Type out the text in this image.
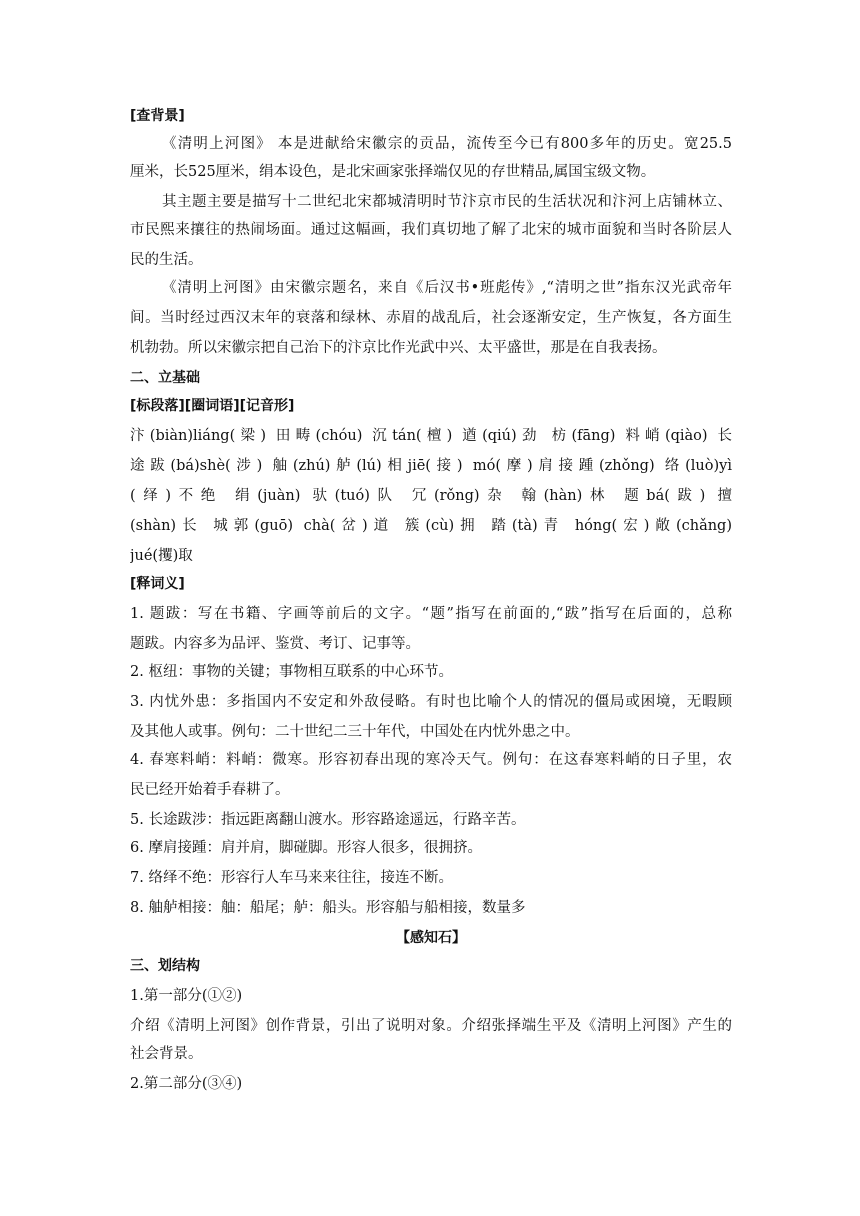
[查背景]
《清明上河图》 本是进献给宋徽宗的贡品，流传至今已有800多年的历史。宽25.5
厘米，长525厘米，绢本设色，是北宋画家张择端仅见的存世精品,属国宝级文物。
其主题主要是描写十二世纪北宋都城清明时节汴京市民的生活状况和汴河上店铺林立、
市民熙来攘往的热闹场面。通过这幅画，我们真切地了解了北宋的城市面貌和当时各阶层人
民的生活。
《清明上河图》由宋徽宗题名，来自《后汉书•班彪传》,“清明之世”指东汉光武帝年
间。当时经过西汉末年的衰落和绿林、赤眉的战乱后，社会逐渐安定，生产恢复，各方面生
机勃勃。所以宋徽宗把自己治下的汴京比作光武中兴、太平盛世，那是在自我表扬。
二、立基础
[标段落][圈词语][记音形]
汴(biàn)liáng(梁) 田畴(chóu) 沉tán(檀) 遒(qiú)劲 枋(fāng) 料峭(qiào) 长
途跋(bá)shè(涉) 舳(zhú)舻(lú)相jiē(接) mó(摩)肩接踵(zhǒng) 络(luò)yì
(绎)不绝 绢(juàn) 驮(tuó)队 冗(rǒng)杂 翰(hàn)林 题bá(跋) 擅
(shàn)长 城郭(guō) chà(岔)道 簇(cù)拥 踏(tà)青 hóng(宏)敞(chǎng)
jué(攫)取
[释词义]
1. 题跋：写在书籍、字画等前后的文字。“题”指写在前面的,“跋”指写在后面的，总称
题跋。内容多为品评、鉴赏、考订、记事等。
2. 枢纽：事物的关键；事物相互联系的中心环节。
3. 内忧外患：多指国内不安定和外敌侵略。有时也比喻个人的情况的僵局或困境，无暇顾
及其他人或事。例句：二十世纪二三十年代，中国处在内忧外患之中。
4. 春寒料峭：料峭：微寒。形容初春出现的寒冷天气。例句：在这春寒料峭的日子里，农
民已经开始着手春耕了。
5. 长途跋涉：指远距离翻山渡水。形容路途遥远，行路辛苦。
6. 摩肩接踵：肩并肩，脚碰脚。形容人很多，很拥挤。
7. 络绎不绝：形容行人车马来来往往，接连不断。
8. 舳舻相接：舳：船尾；舻：船头。形容船与船相接，数量多
【感知石】
三、划结构
1.第一部分(①②)
介绍《清明上河图》创作背景，引出了说明对象。介绍张择端生平及《清明上河图》产生的
社会背景。
2.第二部分(③④)
